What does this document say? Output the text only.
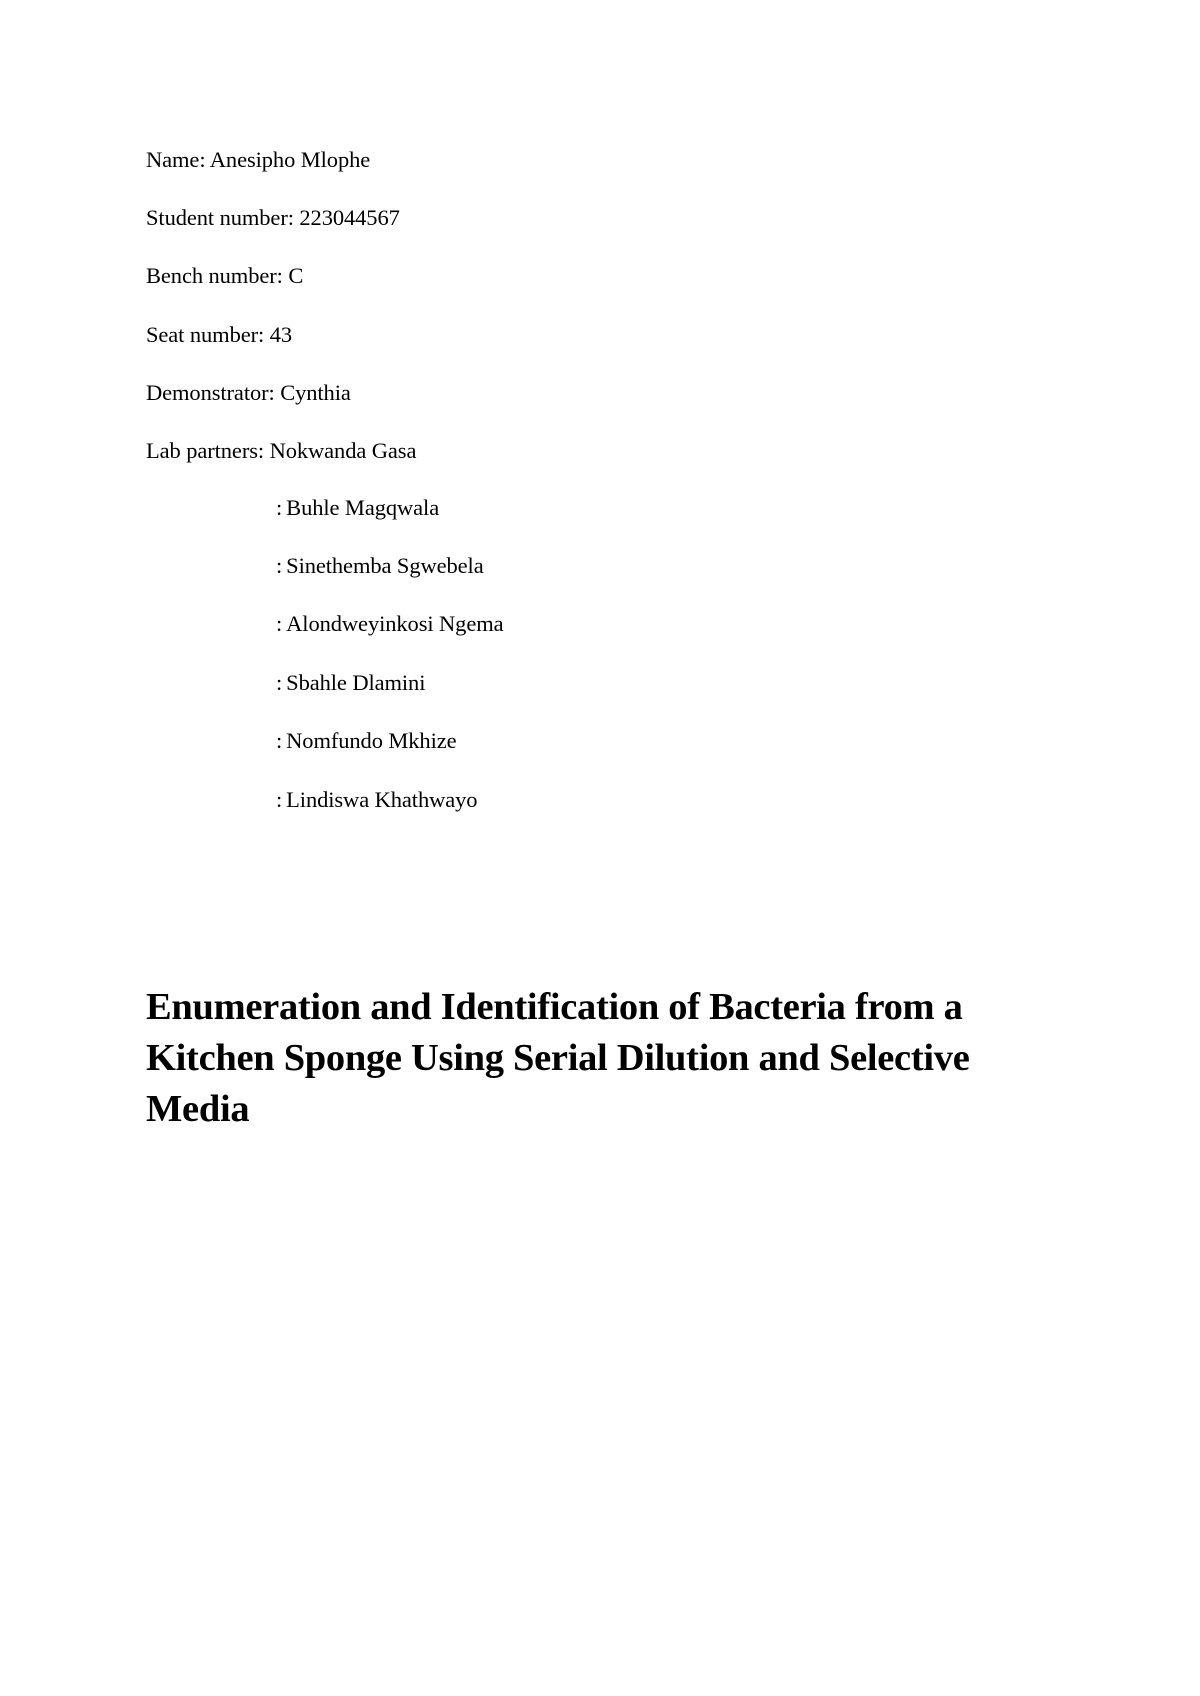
Name: Anesipho Mlophe
Student number: 223044567
Bench number: C
Seat number: 43
Demonstrator: Cynthia
Lab partners: Nokwanda Gasa
: Buhle Magqwala
: Sinethemba Sgwebela
: Alondweyinkosi Ngema
: Sbahle Dlamini
: Nomfundo Mkhize
: Lindiswa Khathwayo
Enumeration and Identification of Bacteria from a Kitchen Sponge Using Serial Dilution and Selective Media
